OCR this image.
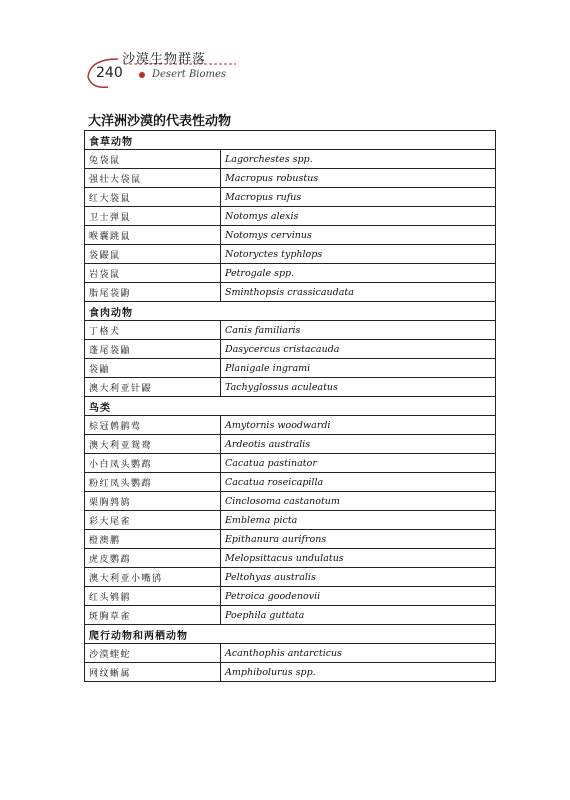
沙漠生物群落
240	Desert Biomes
大洋洲沙漠的代表性动物
食草动物	
兔袋鼠	Lagorchestes spp.
强壮大袋鼠	Macropus robustus
红大袋鼠	Macropus rufus
卫士弹鼠	Notomys alexis
喉囊跳鼠	Notomys cervinus
袋鼹鼠	Notoryctes typhlops
岩袋鼠	Petrogale spp.
脂尾袋鼩	Sminthopsis crassicaudata
食肉动物	
丁格犬	Canis familiaris
蓬尾袋鼬	Dasycercus cristacauda
袋鼬	Planigale ingrami
澳大利亚针鼹	Tachyglossus aculeatus
鸟类	
棕冠鹩鹟莺	Amytornis woodwardi
澳大利亚鸳鸯	Ardeotis australis
小白凤头鹦鹉	Cacatua pastinator
粉红凤头鹦鹉	Cacatua roseicapilla
栗胸鹑鸫	Cinclosoma castanotum
彩大尾雀	Emblema picta
橙澳鹏	Epithanura aurifrons
虎皮鹦鹉	Melopsittacus undulatus
澳大利亚小嘴鸻	Peltohyas australis
红头鸲鹟	Petroica goodenovii
斑胸草雀	Poephila guttata
爬行动物和两栖动物	
沙漠蝰蛇	Acanthophis antarcticus
网纹蜥属	Amphibolurus spp.
